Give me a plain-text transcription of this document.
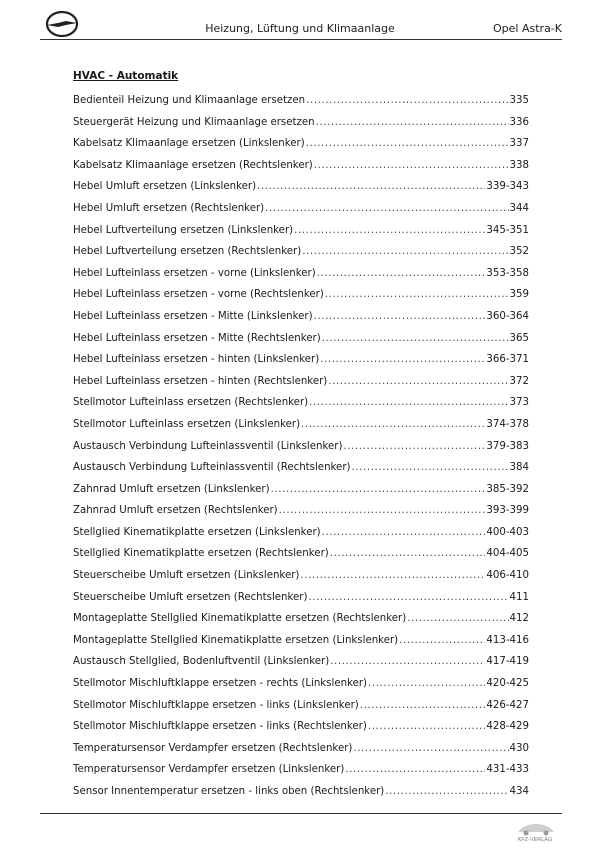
Heizung, Lüftung und Klimaanlage	Opel Astra-K
HVAC - Automatik
Bedienteil Heizung und Klimaanlage ersetzen .....	335
Steuergerät Heizung und Klimaanlage ersetzen .....	336
Kabelsatz Klimaanlage ersetzen (Linkslenker) .....	337
Kabelsatz Klimaanlage ersetzen (Rechtslenker) .....	338
Hebel Umluft ersetzen (Linkslenker) .....	339-343
Hebel Umluft ersetzen (Rechtslenker) .....	344
Hebel Luftverteilung ersetzen (Linkslenker) .....	345-351
Hebel Luftverteilung ersetzen (Rechtslenker) .....	352
Hebel Lufteinlass ersetzen - vorne (Linkslenker) .....	353-358
Hebel Lufteinlass ersetzen - vorne (Rechtslenker) .....	359
Hebel Lufteinlass ersetzen - Mitte (Linkslenker) .....	360-364
Hebel Lufteinlass ersetzen - Mitte (Rechtslenker) .....	365
Hebel Lufteinlass ersetzen - hinten (Linkslenker) .....	366-371
Hebel Lufteinlass ersetzen - hinten (Rechtslenker) .....	372
Stellmotor Lufteinlass ersetzen (Rechtslenker) .....	373
Stellmotor Lufteinlass ersetzen (Linkslenker) .....	374-378
Austausch Verbindung Lufteinlassventil (Linkslenker) .....	379-383
Austausch Verbindung Lufteinlassventil (Rechtslenker) .....	384
Zahnrad Umluft ersetzen (Linkslenker) .....	385-392
Zahnrad Umluft ersetzen (Rechtslenker) .....	393-399
Stellglied Kinematikplatte ersetzen (Linkslenker) .....	400-403
Stellglied Kinematikplatte ersetzen (Rechtslenker) .....	404-405
Steuerscheibe Umluft ersetzen (Linkslenker) .....	406-410
Steuerscheibe Umluft ersetzen (Rechtslenker) .....	411
Montageplatte Stellglied Kinematikplatte ersetzen (Rechtslenker) .....	412
Montageplatte Stellglied Kinematikplatte ersetzen (Linkslenker) .....	413-416
Austausch Stellglied, Bodenluftventil (Linkslenker) .....	417-419
Stellmotor Mischluftklappe ersetzen - rechts (Linkslenker) .....	420-425
Stellmotor Mischluftklappe ersetzen - links (Linkslenker) .....	426-427
Stellmotor Mischluftklappe ersetzen - links (Rechtslenker) .....	428-429
Temperatursensor Verdampfer ersetzen (Rechtslenker) .....	430
Temperatursensor Verdampfer ersetzen (Linkslenker) .....	431-433
Sensor Innentemperatur ersetzen - links oben (Rechtslenker) .....	434
KFZ-VERLAG
